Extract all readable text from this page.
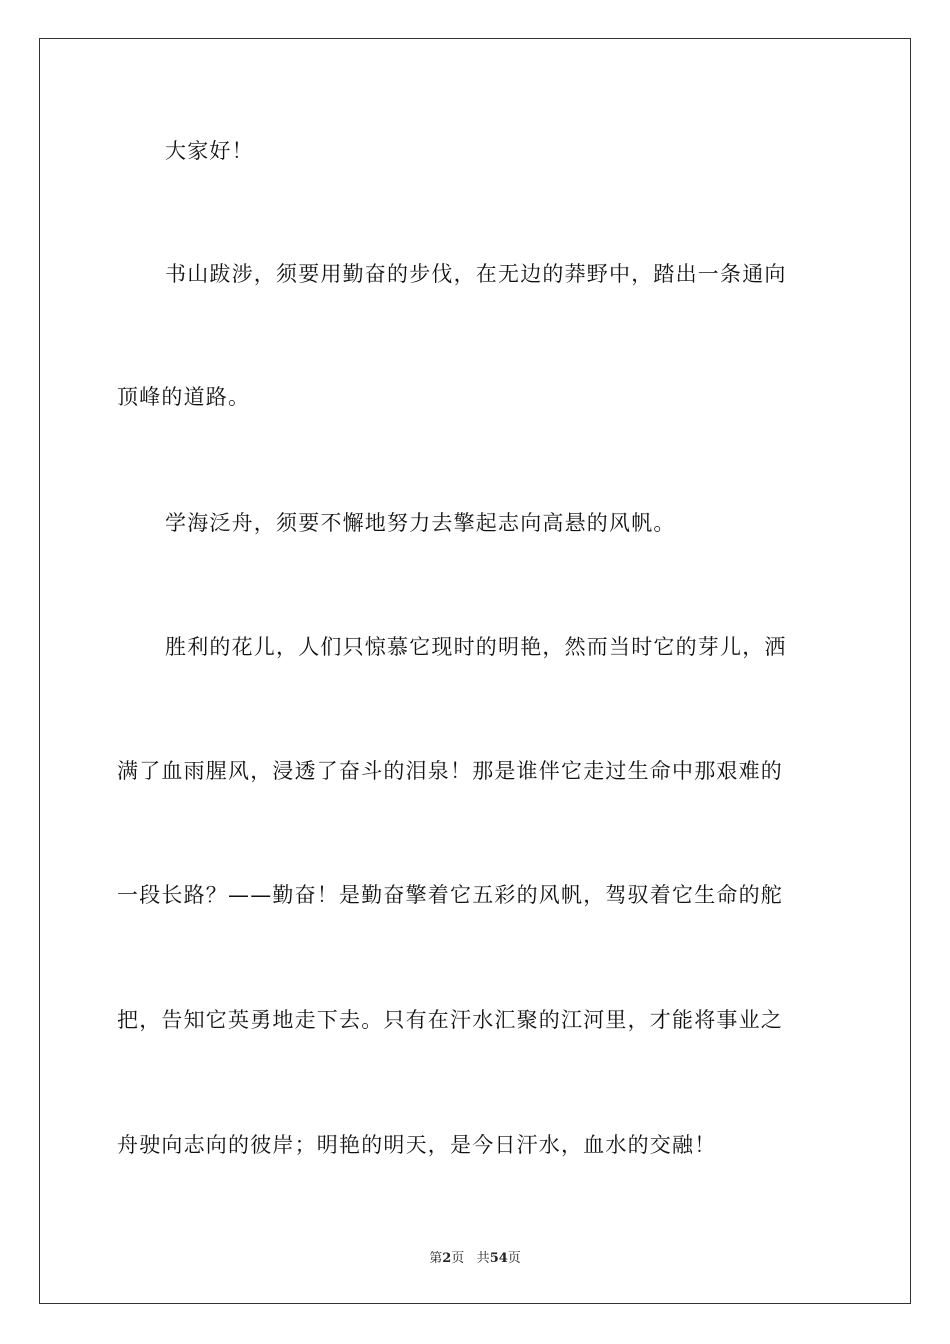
大家好！
书山跋涉，须要用勤奋的步伐，在无边的莽野中，踏出一条通向
顶峰的道路。
学海泛舟，须要不懈地努力去擎起志向高悬的风帆。
胜利的花儿，人们只惊慕它现时的明艳，然而当时它的芽儿，洒
满了血雨腥风，浸透了奋斗的泪泉！那是谁伴它走过生命中那艰难的
一段长路？——勤奋！是勤奋擎着它五彩的风帆，驾驭着它生命的舵
把，告知它英勇地走下去。只有在汗水汇聚的江河里，才能将事业之
舟驶向志向的彼岸；明艳的明天，是今日汗水，血水的交融！
第2页 共54页
